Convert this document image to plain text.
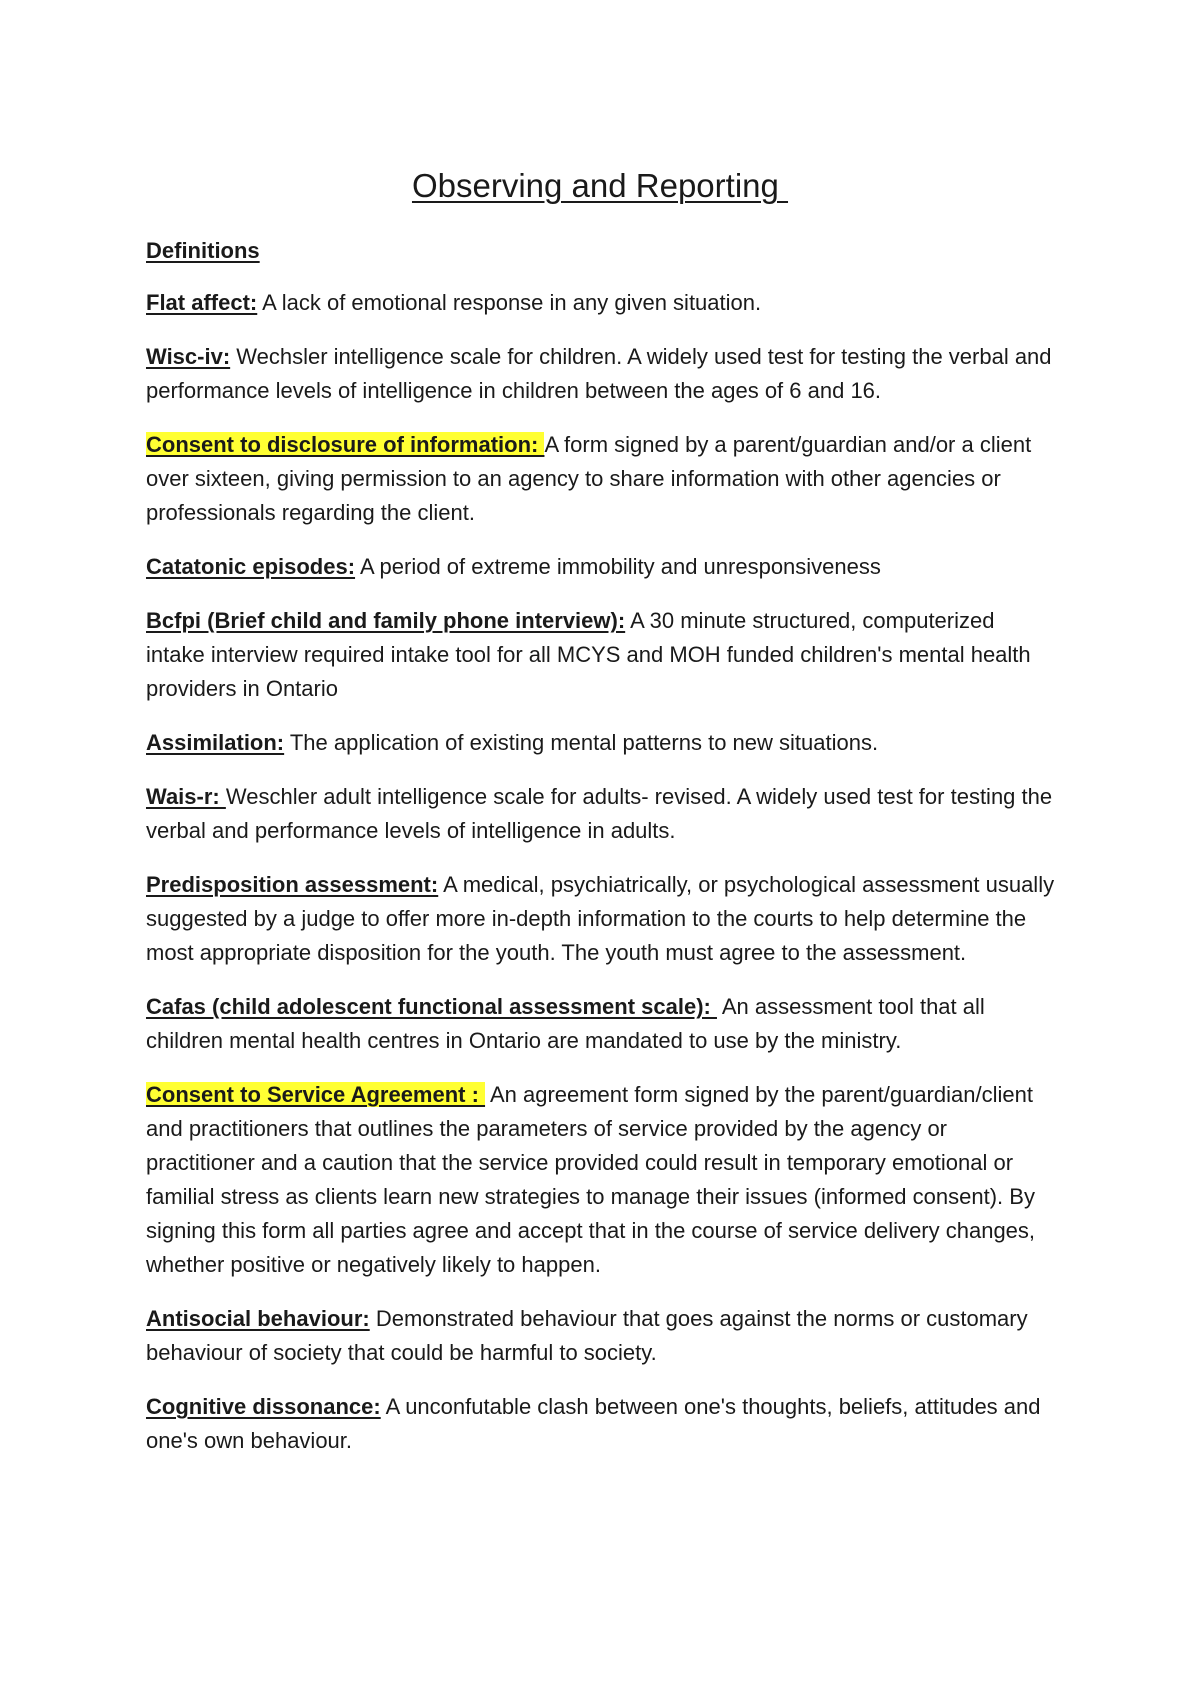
Observing and Reporting
Definitions

Flat affect: A lack of emotional response in any given situation.

Wisc-iv: Wechsler intelligence scale for children. A widely used test for testing the verbal and performance levels of intelligence in children between the ages of 6 and 16.

Consent to disclosure of information: A form signed by a parent/guardian and/or a client over sixteen, giving permission to an agency to share information with other agencies or professionals regarding the client.

Catatonic episodes: A period of extreme immobility and unresponsiveness

Bcfpi (Brief child and family phone interview): A 30 minute structured, computerized intake interview required intake tool for all MCYS and MOH funded children's mental health providers in Ontario

Assimilation: The application of existing mental patterns to new situations.

Wais-r: Weschler adult intelligence scale for adults- revised. A widely used test for testing the verbal and performance levels of intelligence in adults.

Predisposition assessment: A medical, psychiatrically, or psychological assessment usually suggested by a judge to offer more in-depth information to the courts to help determine the most appropriate disposition for the youth. The youth must agree to the assessment.

Cafas (child adolescent functional assessment scale):  An assessment tool that all children mental health centres in Ontario are mandated to use by the ministry.

Consent to Service Agreement :  An agreement form signed by the parent/guardian/client and practitioners that outlines the parameters of service provided by the agency or practitioner and a caution that the service provided could result in temporary emotional or familial stress as clients learn new strategies to manage their issues (informed consent). By signing this form all parties agree and accept that in the course of service delivery changes, whether positive or negatively likely to happen.

Antisocial behaviour: Demonstrated behaviour that goes against the norms or customary behaviour of society that could be harmful to society.

Cognitive dissonance: A unconfutable clash between one's thoughts, beliefs, attitudes and one's own behaviour.
